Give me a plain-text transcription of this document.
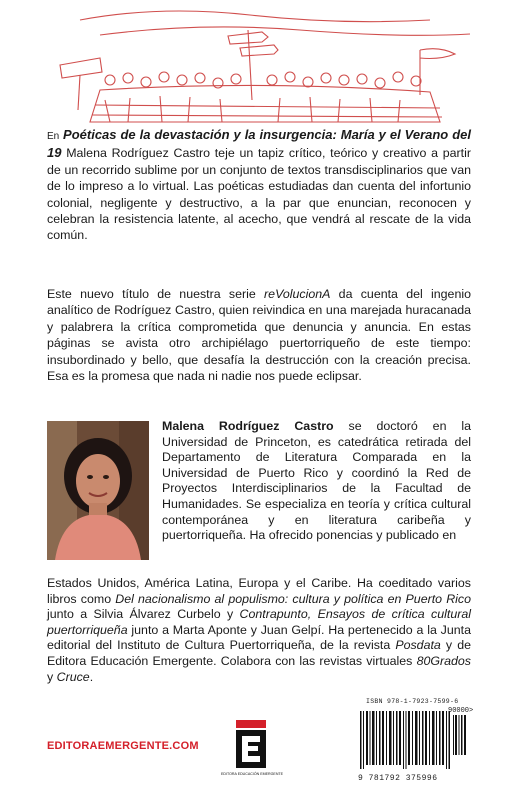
En Poéticas de la devastación y la insurgencia: María y el Verano del 19 Malena Rodríguez Castro teje un tapiz crítico, teórico y creativo a partir de un recorrido sublime por un conjunto de textos transdisciplinarios que van de lo impreso a lo virtual. Las poéticas estudiadas dan cuenta del infortunio colonial, negligente y destructivo, a la par que enuncian, reconocen y celebran la resistencia latente, al acecho, que vendrá al rescate de la vida común.
Este nuevo título de nuestra serie reVolucionA da cuenta del ingenio analítico de Rodríguez Castro, quien reivindica en una marejada huracanada y palabrera la crítica comprometida que denuncia y anuncia. En estas páginas se avista otro archipiélago puertorriqueño de este tiempo: insubordinado y bello, que desafía la destrucción con la creación precisa. Esa es la promesa que nada ni nadie nos puede eclipsar.
Malena Rodríguez Castro se doctoró en la Universidad de Princeton, es catedrática retirada del Departamento de Literatura Comparada en la Universidad de Puerto Rico y coordinó la Red de Proyectos Interdisciplinarios de la Facultad de Humanidades. Se especializa en teoría y crítica cultural contemporánea y en literatura caribeña y puertorriqueña. Ha ofrecido ponencias y publicado en
Estados Unidos, América Latina, Europa y el Caribe. Ha coeditado varios libros como Del nacionalismo al populismo: cultura y política en Puerto Rico junto a Silvia Álvarez Curbelo y Contrapunto, Ensayos de crítica cultural puertorriqueña junto a Marta Aponte y Juan Gelpí. Ha pertenecido a la Junta editorial del Instituto de Cultura Puertorriqueña, de la revista Posdata y de Editora Educación Emergente. Colabora con las revistas virtuales 80Grados y Cruce.
EDITORAEMERGENTE.COM
EDITORA EDUCACIÓN EMERGENTE
ISBN 978-1-7923-7599-6
90000>
9 781792 375996
